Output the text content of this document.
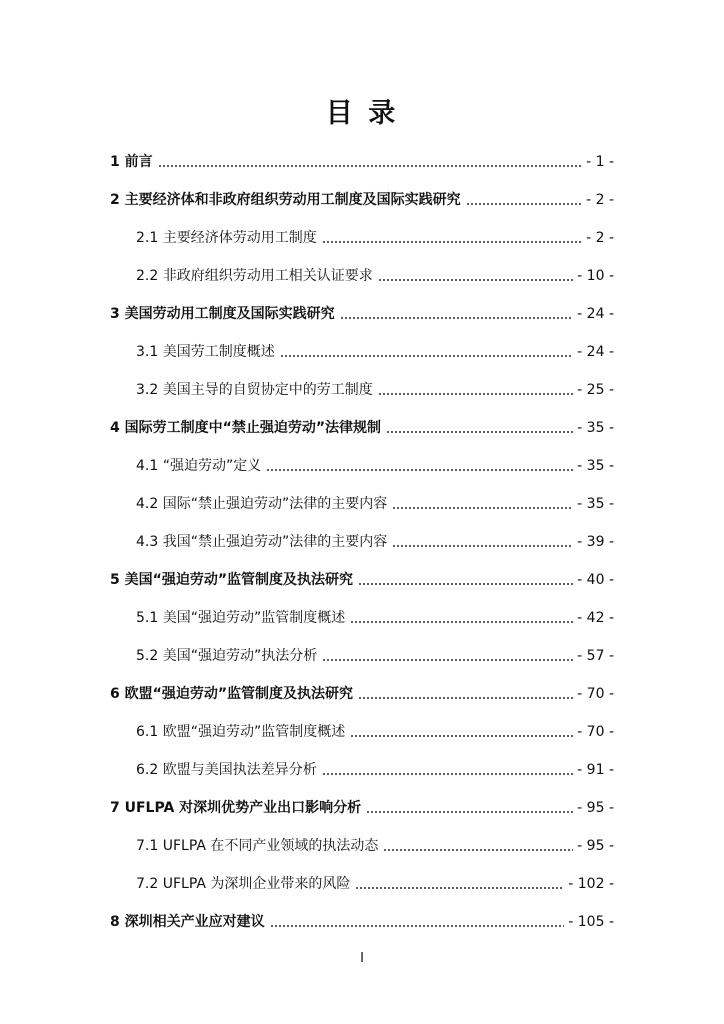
目 录
1 前言	- 1 -
2 主要经济体和非政府组织劳动用工制度及国际实践研究	- 2 -
2.1 主要经济体劳动用工制度	- 2 -
2.2 非政府组织劳动用工相关认证要求	- 10 -
3 美国劳动用工制度及国际实践研究	- 24 -
3.1 美国劳工制度概述	- 24 -
3.2 美国主导的自贸协定中的劳工制度	- 25 -
4 国际劳工制度中“禁止强迫劳动”法律规制	- 35 -
4.1 “强迫劳动”定义	- 35 -
4.2 国际“禁止强迫劳动”法律的主要内容	- 35 -
4.3 我国“禁止强迫劳动”法律的主要内容	- 39 -
5 美国“强迫劳动”监管制度及执法研究	- 40 -
5.1 美国“强迫劳动”监管制度概述	- 42 -
5.2 美国“强迫劳动”执法分析	- 57 -
6 欧盟“强迫劳动”监管制度及执法研究	- 70 -
6.1 欧盟“强迫劳动”监管制度概述	- 70 -
6.2 欧盟与美国执法差异分析	- 91 -
7 UFLPA 对深圳优势产业出口影响分析	- 95 -
7.1 UFLPA 在不同产业领域的执法动态	- 95 -
7.2 UFLPA 为深圳企业带来的风险	- 102 -
8 深圳相关产业应对建议	- 105 -
I
